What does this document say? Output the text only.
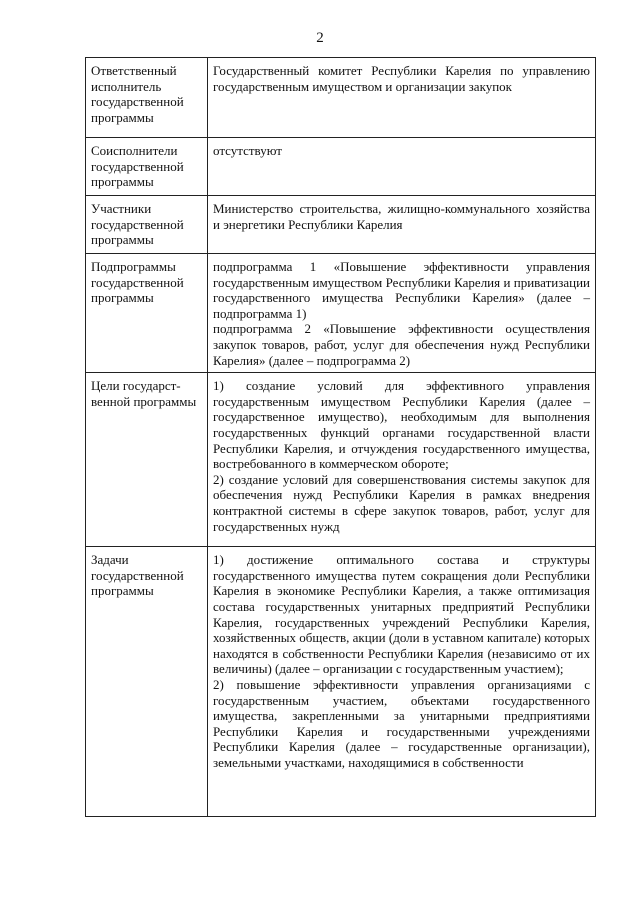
2
Ответственный исполнитель государственной программы	Государственный комитет Республики Карелия по управлению государственным имуществом и организации закупок

Соисполнители государственной программы	отсутствуют

Участники государственной программы	Министерство строительства, жилищно-коммунального хозяйства и энергетики Республики Карелия

Подпрограммы государственной программы	подпрограмма 1 «Повышение эффективности управления государственным имуществом Республики Карелия и приватизации государственного имущества Республики Карелия» (далее – подпрограмма 1)
подпрограмма 2 «Повышение эффективности осуществления закупок товаров, работ, услуг для обеспечения нужд Республики Карелия» (далее – подпрограмма 2)

Цели государст-венной программы	1) создание условий для эффективного управления государственным имуществом Республики Карелия (далее – государственное имущество), необходимым для выполнения государственных функций органами государственной власти Республики Карелия, и отчуждения государственного имущества, востребованного в коммерческом обороте;
2) создание условий для совершенствования системы закупок для обеспечения нужд Республики Карелия в рамках внедрения контрактной системы в сфере закупок товаров, работ, услуг для государственных нужд

Задачи государственной программы	1) достижение оптимального состава и структуры государственного имущества путем сокращения доли Республики Карелия в экономике Республики Карелия, а также оптимизация состава государственных унитарных предприятий Республики Карелия, государственных учреждений Республики Карелия, хозяйственных обществ, акции (доли в уставном капитале) которых находятся в собственности Республики Карелия (независимо от их величины) (далее – организации с государственным участием);
2) повышение эффективности управления организациями с государственным участием, объектами государственного имущества, закрепленными за унитарными предприятиями Республики Карелия и государственными учреждениями Республики Карелия (далее – государственные организации), земельными участками, находящимися в собственности
